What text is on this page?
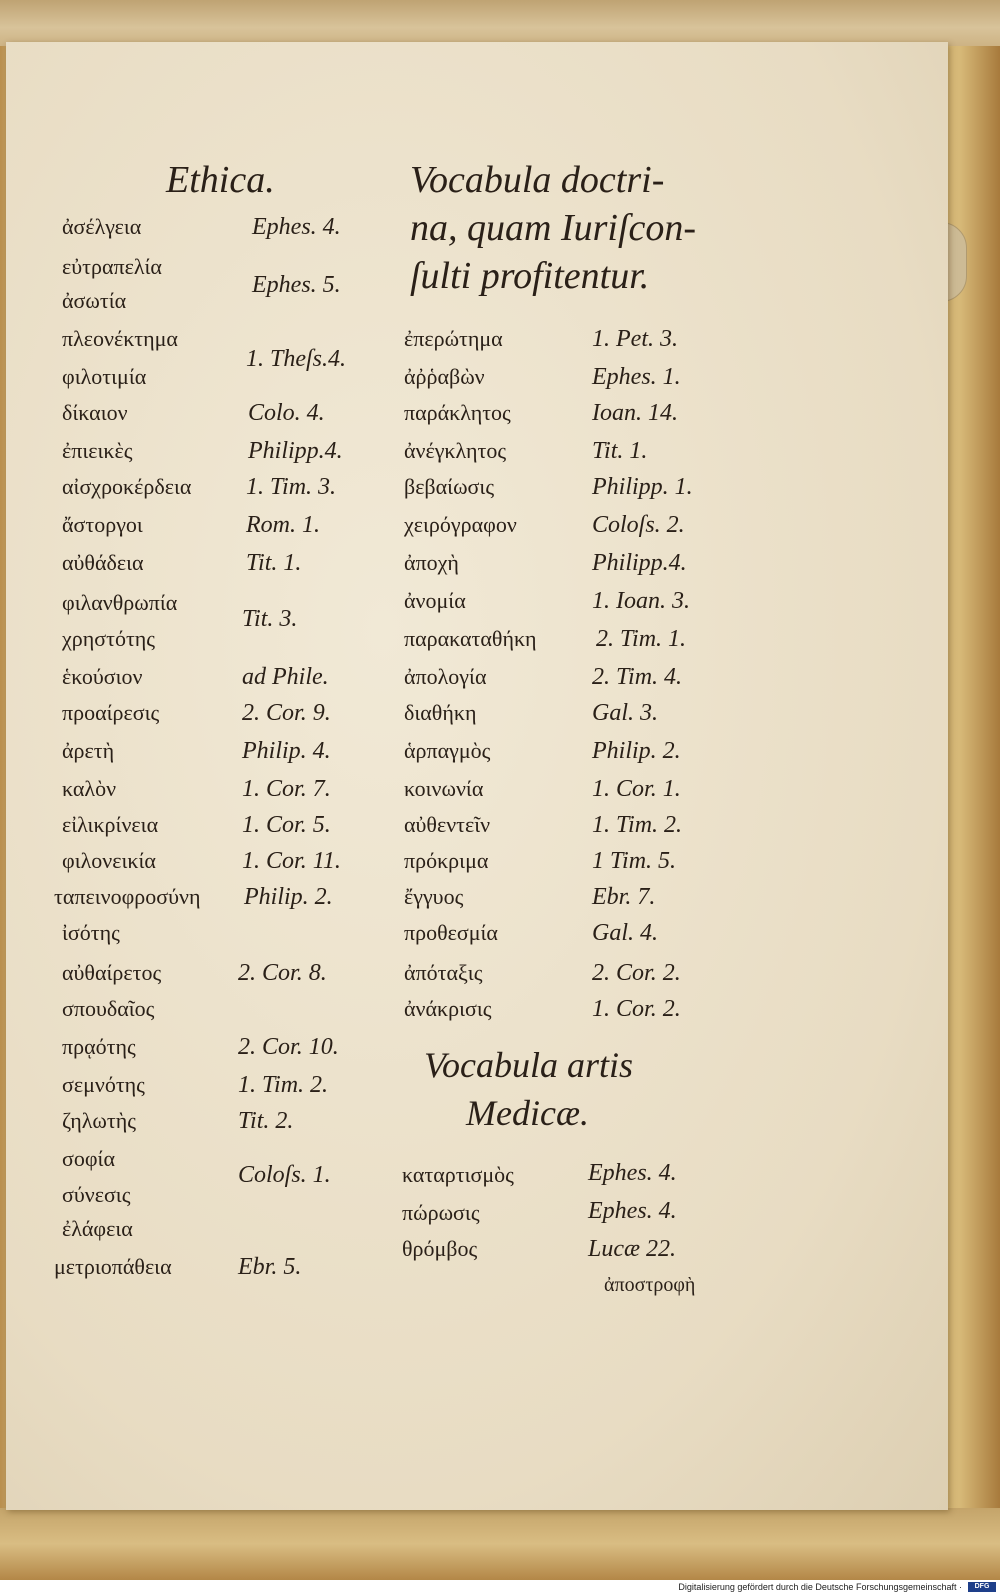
Ethica.
ἀσέλγεια
εὐτραπελία
ἀσωτία
πλεονέκτημα
φιλοτιμία
δίκαιον
ἐπιεικὲς
αἰσχροκέρδεια
ἄστοργοι
αὐθάδεια
φιλανθρωπία
χρηστότης
ἑκούσιον
προαίρεσις
ἀρετὴ
καλὸν
εἰλικρίνεια
φιλονεικία
ταπεινοφροσύνη
ἰσότης
αὐθαίρετος
σπουδαῖος
πρᾳότης
σεμνότης
ζηλωτὴς
σοφία
σύνεσις
ἐλάφεια
μετριοπάθεια
Ephes. 4.
Ephes. 5.
1. Theſs.4.
Colo. 4.
Philipp.4.
1. Tim. 3.
Rom. 1.
Tit. 1.
Tit. 3.
ad Phile.
2. Cor. 9.
Philip. 4.
1. Cor. 7.
1. Cor. 5.
1. Cor. 11.
Philip. 2.
2. Cor. 8.
2. Cor. 10.
1. Tim. 2.
Tit. 2.
Coloſs. 1.
Ebr. 5.
Vocabula doctri-
na, quam Iuriſcon-
ſulti profitentur.
ἐπερώτημα
ἀῤῥαβὼν
παράκλητος
ἀνέγκλητος
βεβαίωσις
χειρόγραφον
ἀποχὴ
ἀνομία
παρακαταθήκη
ἀπολογία
διαθήκη
ἁρπαγμὸς
κοινωνία
αὐθεντεῖν
πρόκριμα
ἔγγυος
προθεσμία
ἀπόταξις
ἀνάκρισις
1. Pet. 3.
Ephes. 1.
Ioan. 14.
Tit. 1.
Philipp. 1.
Coloſs. 2.
Philipp.4.
1. Ioan. 3.
2. Tim. 1.
2. Tim. 4.
Gal. 3.
Philip. 2.
1. Cor. 1.
1. Tim. 2.
1 Tim. 5.
Ebr. 7.
Gal. 4.
2. Cor. 2.
1. Cor. 2.
Vocabula artis
Medicæ.
καταρτισμὸς
πώρωσις
θρόμβος
Ephes. 4.
Ephes. 4.
Lucæ 22.
ἀποστροφὴ
Digitalisierung gefördert durch die Deutsche Forschungsgemeinschaft ·	DFG
